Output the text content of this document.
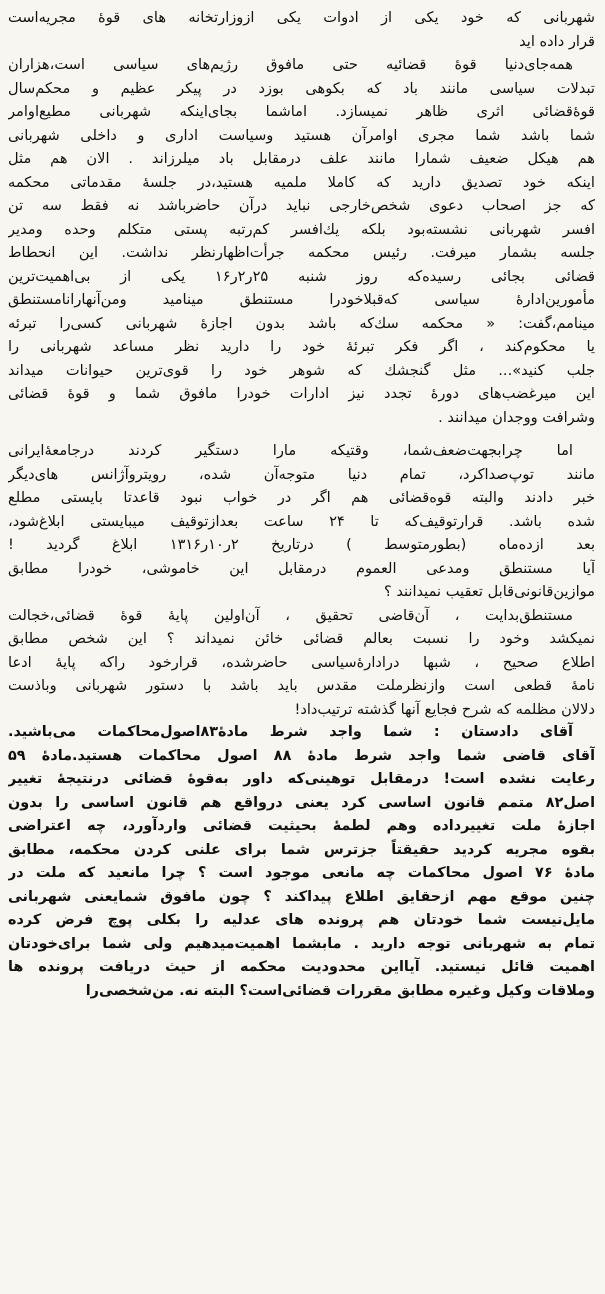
شهربانی که خود یکی از ادوات یکی ازوزارتخانه های قوهٔ مجریه‌است
قرار داده اید
همه‌جای‌دنیا قوهٔ قضائیه حتی مافوق رژیم‌های سیاسی است،هزاران
تبدلات سیاسی مانند باد که بکوهی بوزد در پیکر عظیم و محکم‌سال
قوهٔ‌قضائی اثری ظاهر نمیسازد. اماشما بجای‌اینکه شهربانی مطیع‌اوامر
شما باشد شما مجری اوامرآن هستید وسیاست اداری و داخلی شهربانی
هم هیکل ضعیف شمارا مانند علف درمقابل باد میلرزاند . الان هم مثل
اینکه خود تصدیق دارید که کاملا ملمیه هستید،در جلسهٔ مقدماتی محکمه
که جز اصحاب دعوی شخص‌خارجی نباید درآن حاضرباشد نه فقط سه تن
افسر شهربانی نشسته‌بود بلکه یك‌افسر کم‌رتبه پستی متکلم وحده ومدیر
جلسه بشمار میرفت. رئیس محکمه جرأت‌اظهارنظر نداشت. این انحطاط
قضائی بجائی رسیده‌که روز شنبه ۲۵ر۲ر۱۶ یکی از بی‌اهمیت‌ترین
مأمورین‌ادارهٔ سیاسی که‌قبلاخودرا مستنطق مینامید ومن‌آنهارا‌نامستنطق
مینامم،گفت: « محکمه سك‌که باشد بدون اجازهٔ شهربانی کسی‌را تبرئه
یا محکوم‌کند ، اگر فکر تبرئهٔ خود را دارید نظر مساعد شهربانی را
جلب کنید»... مثل گنجشك که شوهر خود را قوی‌ترین حیوانات میداند
این میرغضب‌های دورهٔ تجدد نیز ادارات خودرا مافوق شما و قوهٔ قضائی
وشرافت ووجدان میدانند .
اما چرا‌بجهت‌ضعف‌شما، وقتیکه مارا دستگیر کردند درجامعهٔ‌ایرانی
مانند توپ‌صداکرد، تمام دنیا متوجه‌آن شده، رویترو‌آژانس های‌دیگر
خبر دادند والبته قوه‌قضائی هم اگر در خواب نبود قاعدتا بایستی مطلع
شده باشد. قرارتوقیف‌که تا ۲۴ ساعت بعدازتوقیف میبایستی ابلاغ‌شود،
بعد ازده‌ماه (بطورمتوسط ) درتاریخ ۲ر۱۰ر۱۳۱۶ ابلاغ گردید !
آیا مستنطق ومدعی العموم درمقابل این خاموشی، خودرا مطابق
موازین‌قانونی‌قابل تعقیب نمیدانند ؟
مستنطق‌بدایت ، آن‌قاضی تحقیق ، آن‌اولین پایهٔ قوهٔ قضائی،خجالت
نمیکشد وخود را نسبت بعالم قضائی خائن نمیداند ؟ این شخص مطابق
اطلاع صحیح ، شبها درادارهٔ‌سیاسی حاضرشده، قرارخود راکه پایهٔ ادعا
نامهٔ قطعی است وازنظرملت مقدس باید باشد با دستور شهربانی وباذست
دلالان مظلمه که شرح فجایع آنها گذشته ترتیب‌داد!
آقای دادستان : شما واجد شرط مادهٔ۸۳اصول‌محاکمات می‌باشید.
آقای قاضی شما واجد شرط مادهٔ ۸۸ اصول محاکمات هستید.مادهٔ ۵۹
رعایت نشده است! درمقابل توهینی‌که داور به‌قوهٔ قضائی درنتیجهٔ تغییر
اصل۸۲ متمم قانون اساسی کرد یعنی درواقع هم قانون اساسی را بدون
اجازهٔ ملت تغییرداده وهم لطمهٔ بحیثیت قضائی واردآورد، چه اعتراضی
بقوه مجریه کردید حقیقتاً جزترس شما برای علنی کردن محکمه، مطابق
مادهٔ ۷۶ اصول محاکمات چه مانعی موجود است ؟ چرا مانعید که ملت در
چنین موقع مهم ازحقایق اطلاع پیداکند ؟ چون مافوق شمایعنی شهربانی
مایل‌نیست شما خودتان هم پرونده های عدلیه را بکلی پوچ فرض کرده
تمام به شهربانی توجه دارید . مابشما اهمیت‌میدهیم ولی شما برای‌خودتان
اهمیت قائل نیستید. آیااین محدودیت محکمه از حیث دریافت پرونده ها
وملاقات وکیل وغیره مطابق مقررات قضائی‌است؟ البته نه. من‌شخصی‌را
